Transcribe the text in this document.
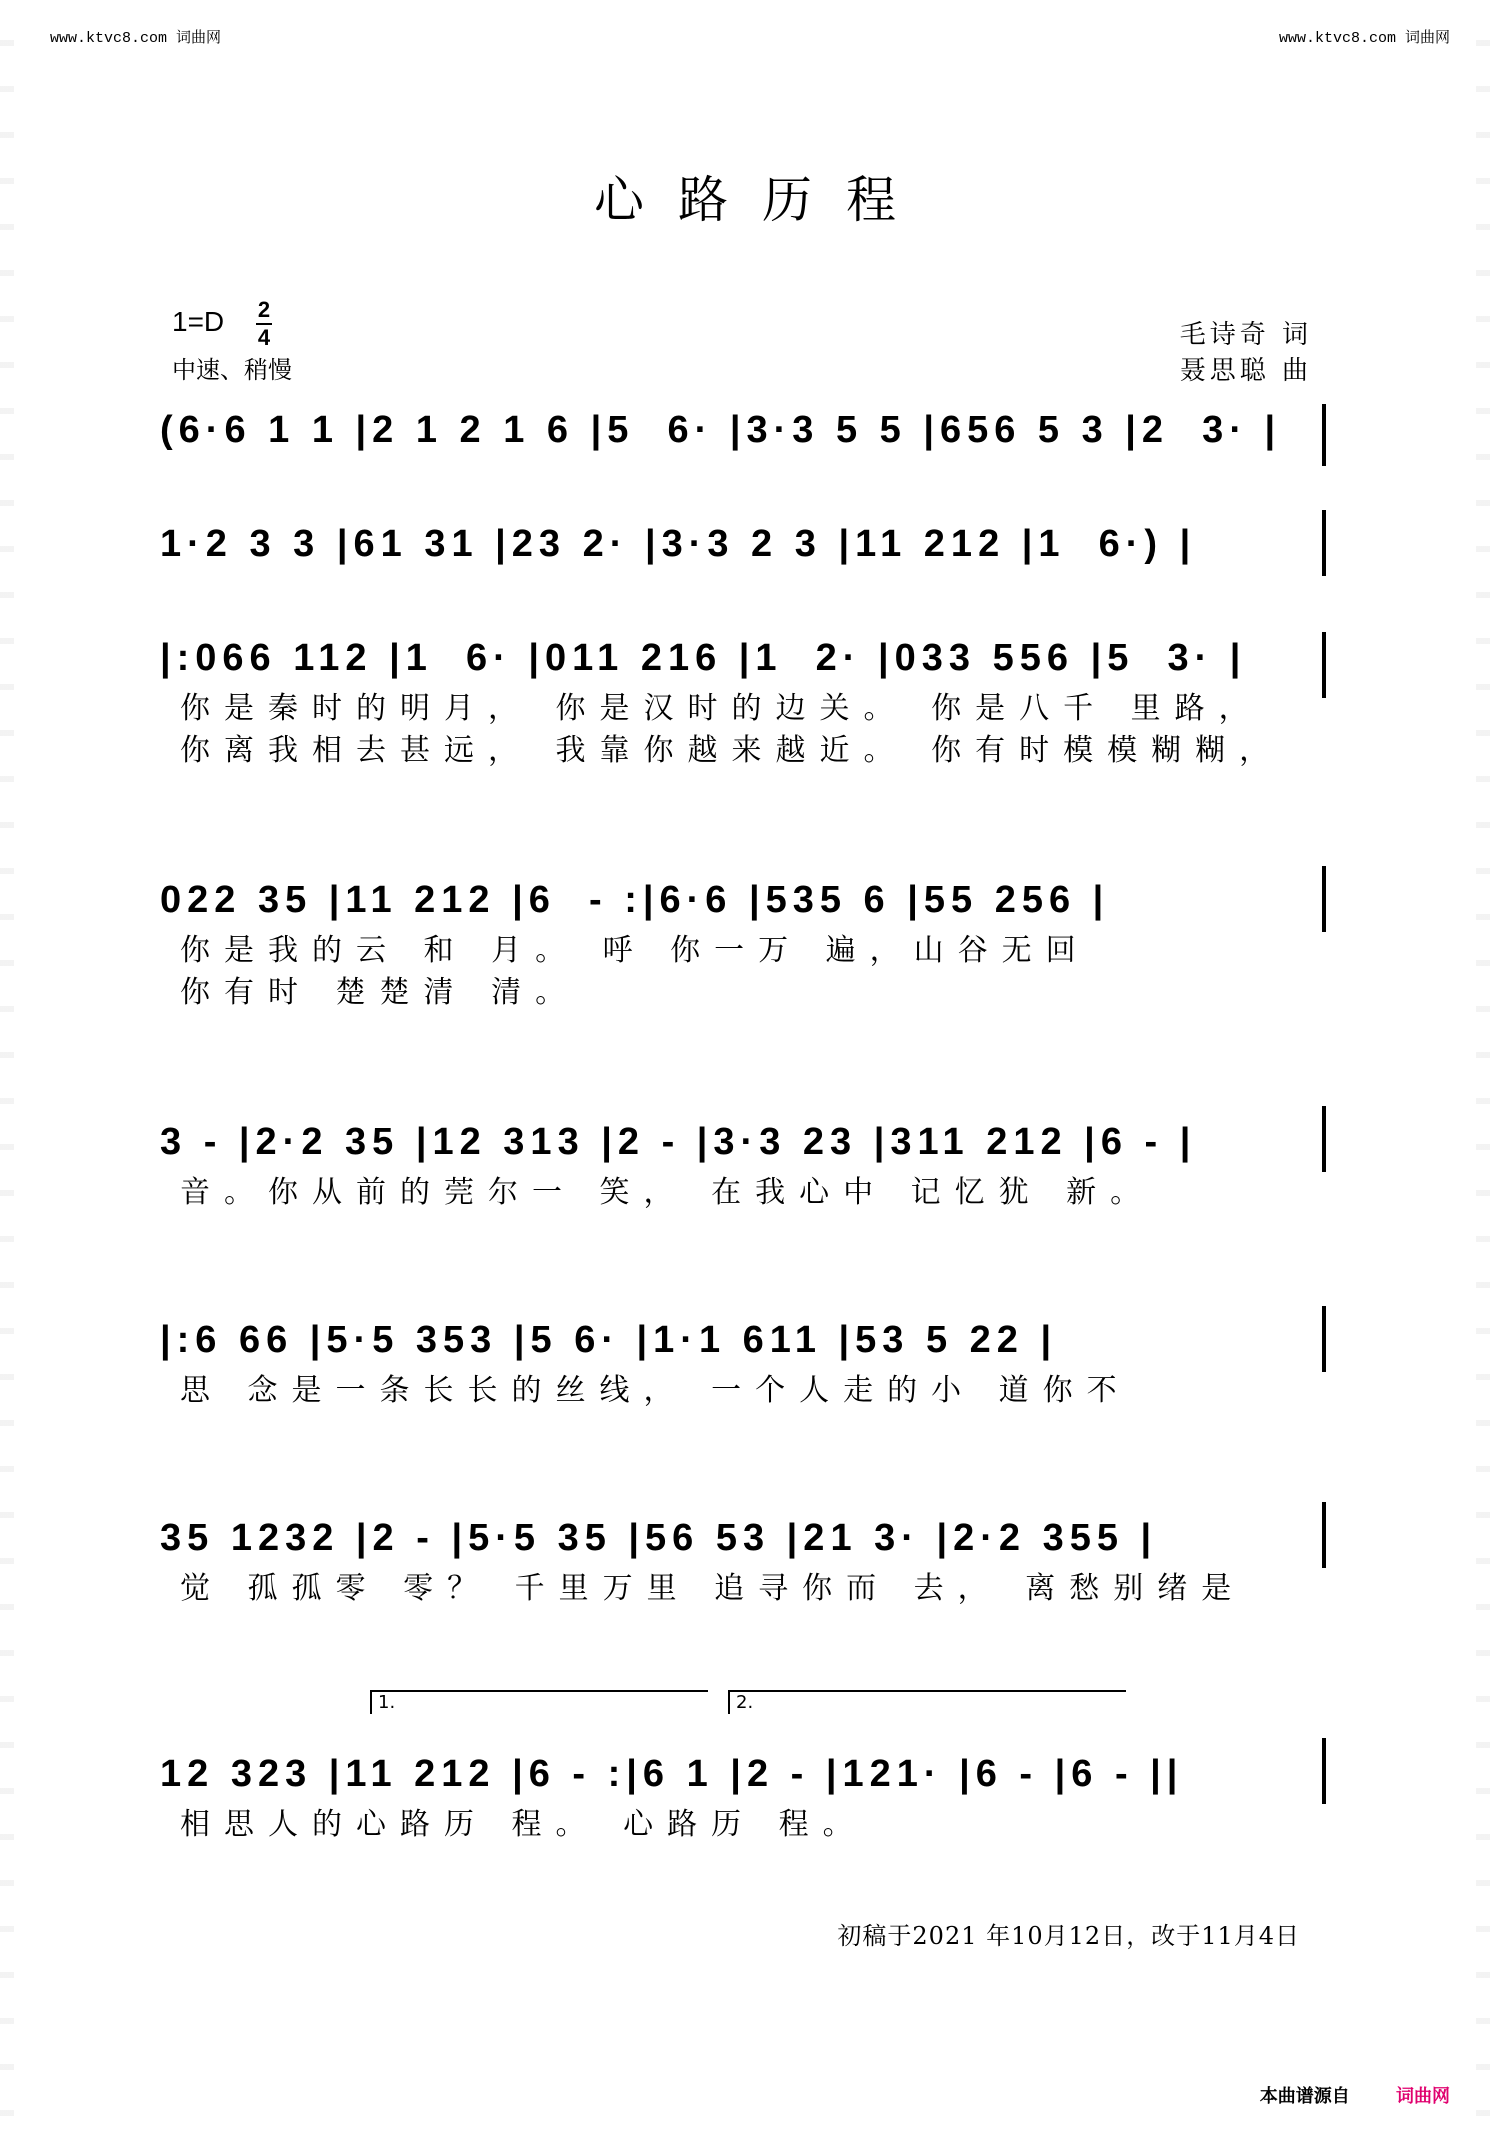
www.ktvc8.com 词曲网	www.ktvc8.com 词曲网
心路历程
1=D 2
4
中速、稍慢
毛诗奇 词
聂思聪 曲
(6·6 1 1 |2 1 2 1 6 |5  6· |3·3 5 5 |656 5 3 |2  3· |
1·2 3 3 |61 31 |23 2· |3·3 2 3 |11 212 |1  6·) |
|:066 112 |1  6· |011 216 |1  2· |033 556 |5  3· |
你是秦时的明月， 你是汉时的边关。 你是八千 里路，
你离我相去甚远， 我靠你越来越近。 你有时模模糊糊，
022 35 |11 212 |6  - :|6·6 |535 6 |55 256 |
你是我的云 和 月。 呼 你一万 遍，山谷无回
你有时 楚楚清 清。
3 - |2·2 35 |12 313 |2 - |3·3 23 |311 212 |6 - |
音。你从前的莞尔一 笑， 在我心中 记忆犹 新。
|:6 66 |5·5 353 |5 6· |1·1 611 |53 5 22 |
思 念是一条长长的丝线， 一个人走的小 道你不
35 1232 |2 - |5·5 35 |56 53 |21 3· |2·2 355 |
觉 孤孤零 零？ 千里万里 追寻你而 去， 离愁别绪是
1.	2.
12 323 |11 212 |6 - :|6 1 |2 - |121· |6 - |6 - ||
相思人的心路历 程。 心路历 程。
初稿于2021 年10月12日，改于11月4日
本曲谱源自	词曲网
